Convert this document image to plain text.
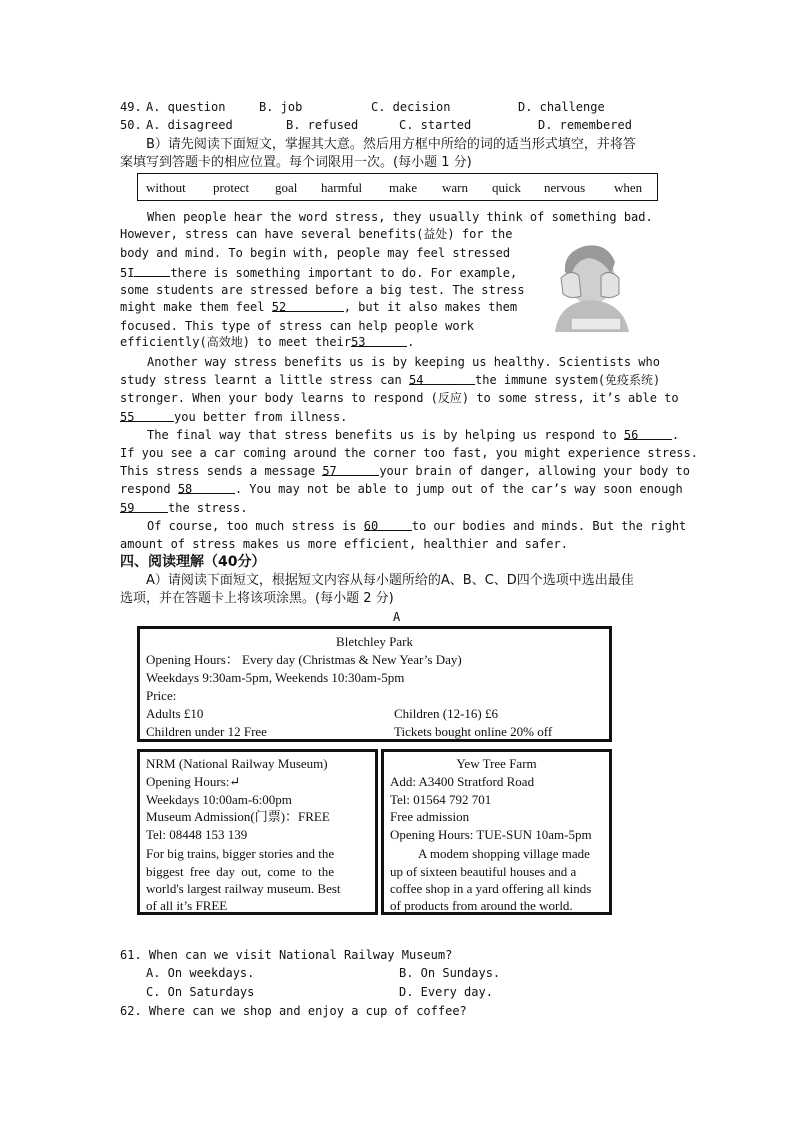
49. A. question	B. job	C. decision	D. challenge
50. A. disagreed	B. refused	C. started	D. remembered
B）请先阅读下面短文，掌握其大意。然后用方框中所给的词的适当形式填空，并将答
案填写到答题卡的相应位置。每个词限用一次。(每小题 1 分)
without protect goal harmful make warn quick nervous when
When people hear the word stress, they usually think of something bad.
However, stress can have several benefits(益处) for the
body and mind. To begin with, people may feel stressed
5I	there is something important to do. For example,
some students are stressed before a big test. The stress
might make them feel 52	, but it also makes them
focused. This type of stress can help people work
efficiently(高效地) to meet their53	.
Another way stress benefits us is by keeping us healthy. Scientists who
study stress learnt a little stress can 54	the immune system(免疫系统)
stronger. When your body learns to respond (反应) to some stress, it’s able to
55	you better from illness.
The final way that stress benefits us is by helping us respond to 56	.
If you see a car coming around the corner too fast, you might experience stress.
This stress sends a message 57	your brain of danger, allowing your body to
respond 58	. You may not be able to jump out of the car’s way soon enough
59	the stress.
Of course, too much stress is 60	to our bodies and minds. But the right
amount of stress makes us more efficient, healthier and safer.
四、阅读理解（40分）
A）请阅读下面短文，根据短文内容从每小题所给的A、B、C、D四个选项中选出最佳
选项，并在答题卡上将该项涂黑。(每小题 2 分)
A
Bletchley Park
Opening Hours： Every day (Christmas & New Year’s Day)
Weekdays 9:30am-5pm, Weekends 10:30am-5pm
Price:
Adults £10	Children (12-16) £6
Children under 12 Free	Tickets bought online 20% off
NRM (National Railway Museum)
Opening Hours:↵
Weekdays 10:00am-6:00pm
Museum Admission(门票)：FREE
Tel: 08448 153 139
For big trains, bigger stories and the
biggest free day out, come to the
world's largest railway museum. Best
of all it’s FREE
Yew Tree Farm
Add: A3400 Stratford Road
Tel: 01564 792 701
Free admission
Opening Hours: TUE-SUN 10am-5pm
A modem shopping village made
up of sixteen beautiful houses and a
coffee shop in a yard offering all kinds
of products from around the world.
61. When can we visit National Railway Museum?
A. On weekdays.	B. On Sundays.
C. On Saturdays	D. Every day.
62. Where can we shop and enjoy a cup of coffee?
